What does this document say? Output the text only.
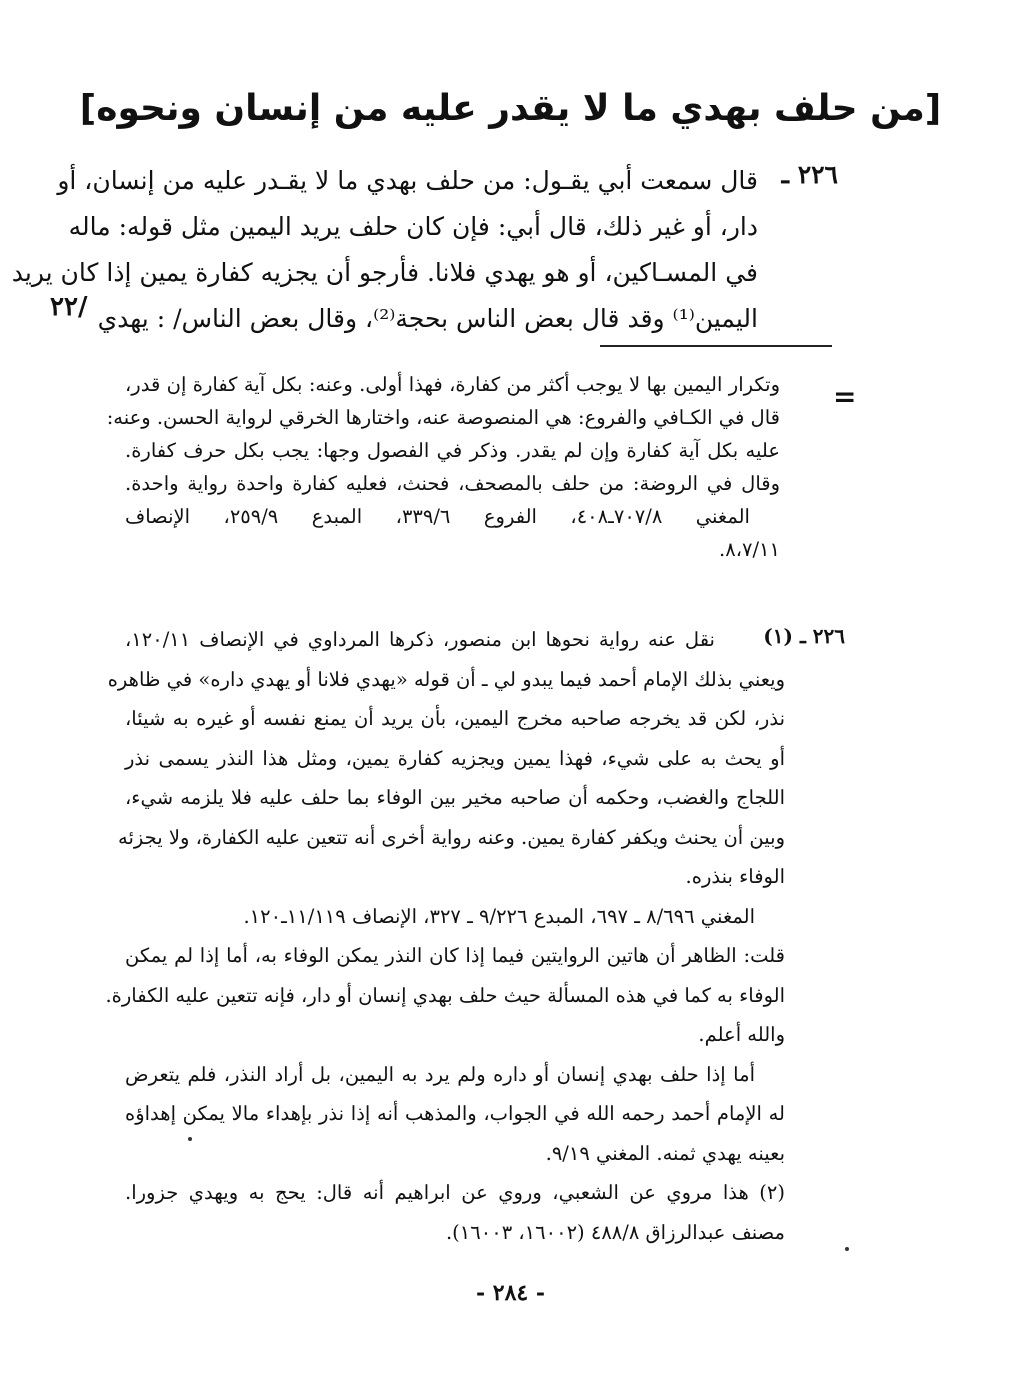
[من حلف بهدي ما لا يقدر عليه من إنسان ونحوه]
٢٢٦ ـ
قال سمعت أبي يقـول: من حلف بهدي ما لا يقـدر عليه من إنسان، أو
دار، أو غير ذلك، قال أبي: فإن كان حلف يريد اليمين مثل قوله: ماله
في المسـاكين، أو هو يهدي فلانا. فأرجو أن يجزيه كفارة يمين إذا كان يريد
اليمين⁽¹⁾ وقد قال بعض الناس بحجة⁽²⁾، وقال بعض الناس/ : يهدي
/٢٢
=
وتكرار اليمين بها لا يوجب أكثر من كفارة، فهذا أولى. وعنه: بكل آية كفارة إن قدر،
قال في الكـافي والفروع: هي المنصوصة عنه، واختارها الخرقي لرواية الحسن. وعنه:
عليه بكل آية كفارة وإن لم يقدر. وذكر في الفصول وجها: يجب بكل حرف كفارة.
وقال في الروضة: من حلف بالمصحف، فحنث، فعليه كفارة واحدة رواية واحدة.
المغني ٧٠٧/٨ـ٤٠٨، الفروع ٣٣٩/٦، المبدع ٢٥٩/٩، الإنصاف
٨،٧/١١.
٢٢٦ ـ (١)
نقل عنه رواية نحوها ابن منصور، ذكرها المرداوي في الإنصاف ١٢٠/١١،
ويعني بذلك الإمام أحمد فيما يبدو لي ـ أن قوله «يهدي فلانا أو يهدي داره» في ظاهره
نذر، لكن قد يخرجه صاحبه مخرج اليمين، بأن يريد أن يمنع نفسه أو غيره به شيئا،
أو يحث به على شيء، فهذا يمين ويجزيه كفارة يمين، ومثل هذا النذر يسمى نذر
اللجاج والغضب، وحكمه أن صاحبه مخير بين الوفاء بما حلف عليه فلا يلزمه شيء،
وبين أن يحنث ويكفر كفارة يمين. وعنه رواية أخرى أنه تتعين عليه الكفارة، ولا يجزئه
الوفاء بنذره.
المغني ٨/٦٩٦ ـ ٦٩٧، المبدع ٩/٢٢٦ ـ ٣٢٧، الإنصاف ١١/١١٩ـ١٢٠.
قلت: الظاهر أن هاتين الروايتين فيما إذا كان النذر يمكن الوفاء به، أما إذا لم يمكن
الوفاء به كما في هذه المسألة حيث حلف بهدي إنسان أو دار، فإنه تتعين عليه الكفارة.
والله أعلم.
أما إذا حلف بهدي إنسان أو داره ولم يرد به اليمين، بل أراد النذر، فلم يتعرض
له الإمام أحمد رحمه الله في الجواب، والمذهب أنه إذا نذر بإهداء مالا يمكن إهداؤه
بعينه يهدي ثمنه. المغني ٩/١٩.
(٢) هذا مروي عن الشعبي، وروي عن ابراهيم أنه قال: يحج به ويهدي جزورا.
مصنف عبدالرزاق ٤٨٨/٨ (١٦٠٠٢، ١٦٠٠٣).
- ٢٨٤ -
